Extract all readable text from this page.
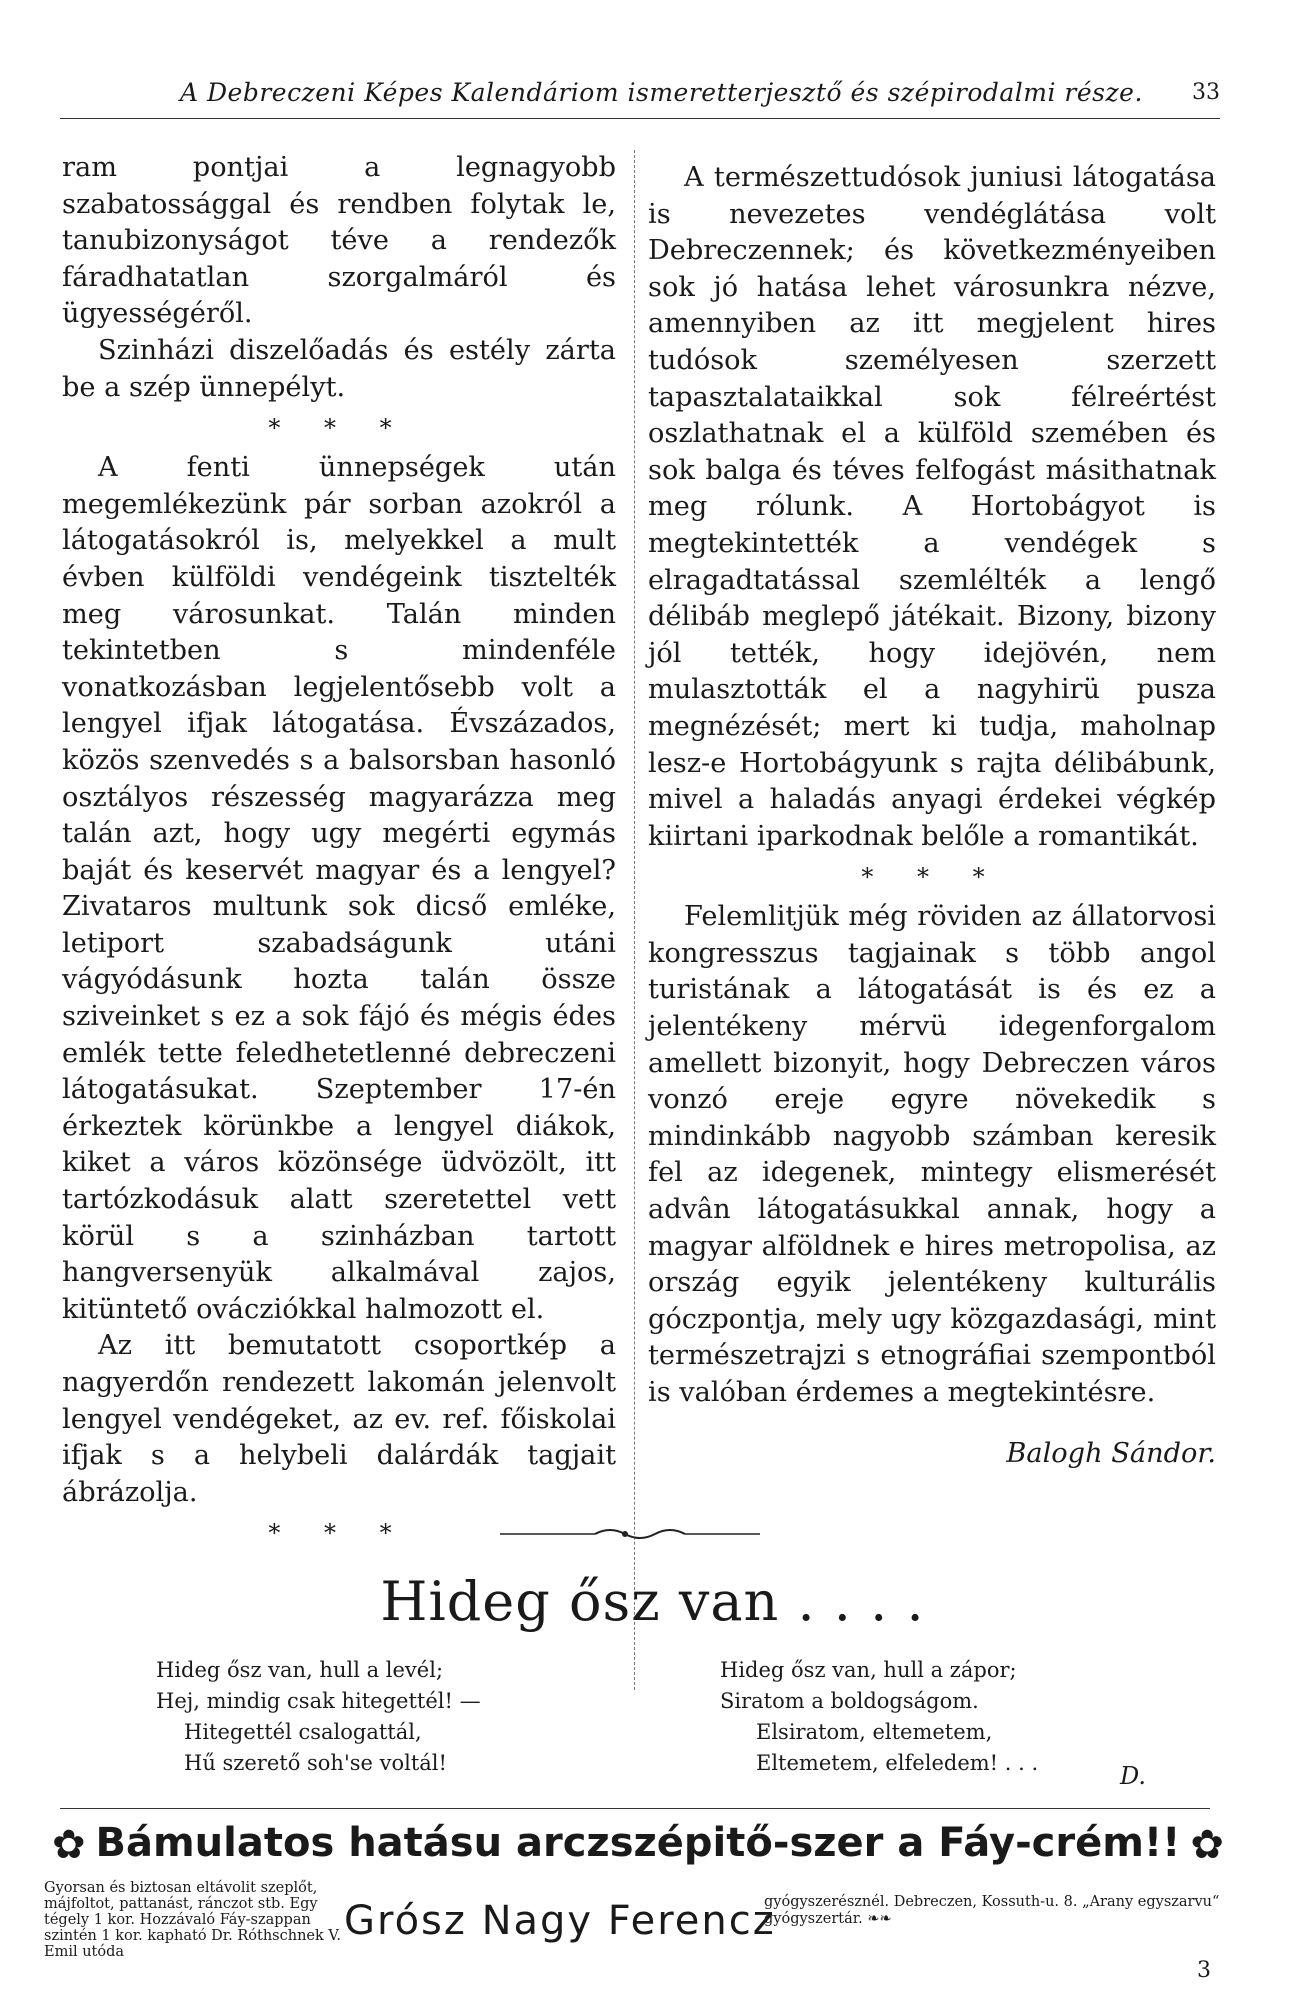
A Debreczeni Képes Kalendáriom ismeretterjesztő és szépirodalmi része. 33

ram pontjai a legnagyobb szabatossággal és rendben folytak le, tanubizonyságot téve a rendezők fáradhatatlan szorgalmáról és ügyességéről.

Szinházi diszelőadás és estély zárta be a szép ünnepélyt.

* * *

A fenti ünnepségek után megemlékezünk pár sorban azokról a látogatásokról is, melyekkel a mult évben külföldi vendégeink tisztelték meg városunkat. Talán minden tekintetben s mindenféle vonatkozásban legjelentősebb volt a lengyel ifjak látogatása. Évszázados, közös szenvedés s a balsorsban hasonló osztályos részesség magyarázza meg talán azt, hogy ugy megérti egymás baját és keservét magyar és a lengyel? Zivataros multunk sok dicső emléke, letiport szabadságunk utáni vágyódásunk hozta talán össze sziveinket s ez a sok fájó és mégis édes emlék tette feledhetetlenné debreczeni látogatásukat. Szeptember 17-én érkeztek körünkbe a lengyel diákok, kiket a város közönsége üdvözölt, itt tartózkodásuk alatt szeretettel vett körül s a szinházban tartott hangversenyük alkalmával zajos, kitüntető ovácziókkal halmozott el.

Az itt bemutatott csoportkép a nagyerdőn rendezett lakomán jelenvolt lengyel vendégeket, az ev. ref. főiskolai ifjak s a helybeli dalárdák tagjait ábrázolja.

* * *

A természettudósok juniusi látogatása is nevezetes vendéglátása volt Debreczennek; és következményeiben sok jó hatása lehet városunkra nézve, amennyiben az itt megjelent hires tudósok személyesen szerzett tapasztalataikkal sok félreértést oszlathatnak el a külföld szemében és sok balga és téves felfogást másithatnak meg rólunk. A Hortobágyot is megtekintették a vendégek s elragadtatással szemlélték a lengő délibáb meglepő játékait. Bizony, bizony jól tették, hogy idejövén, nem mulasztották el a nagyhirü pusza megnézését; mert ki tudja, maholnap lesz-e Hortobágyunk s rajta délibábunk, mivel a haladás anyagi érdekei végkép kiirtani iparkodnak belőle a romantikát.

* * *

Felemlitjük még röviden az állatorvosi kongresszus tagjainak s több angol turistának a látogatását is és ez a jelentékeny mérvü idegenforgalom amellett bizonyit, hogy Debreczen város vonzó ereje egyre növekedik s mindinkább nagyobb számban keresik fel az idegenek, mintegy elismerését advân látogatásukkal annak, hogy a magyar alföldnek e hires metropolisa, az ország egyik jelentékeny kulturális góczpontja, mely ugy közgazdasági, mint természetrajzi s etnográfiai szempontból is valóban érdemes a megtekintésre.

Balogh Sándor.

Hideg ősz van . . . .
Hideg ősz van, hull a levél;
Hej, mindig csak hitegettél! —
Hitegettél csalogattál,
Hű szerető soh'se voltál!
Hideg ősz van, hull a zápor;
Siratom a boldogságom.
Elsiratom, eltemetem,
Eltemetem, elfeledem! . . .	D.
✿ Bámulatos hatásu arczszépitő-szer a Fáy-crém!! ✿
Gyorsan és biztosan eltávolit szeplőt, májfoltot, pattanást, ránczot stb. Egy tégely 1 kor. Hozzávaló Fáy-szappan szintén 1 kor. kapható Dr. Róthschnek V. Emil utóda
Grósz Nagy Ferencz
gyógyszerésznél. Debreczen, Kossuth-u. 8. „Arany egyszarvu“ gyógyszertár. ❧❧
3
